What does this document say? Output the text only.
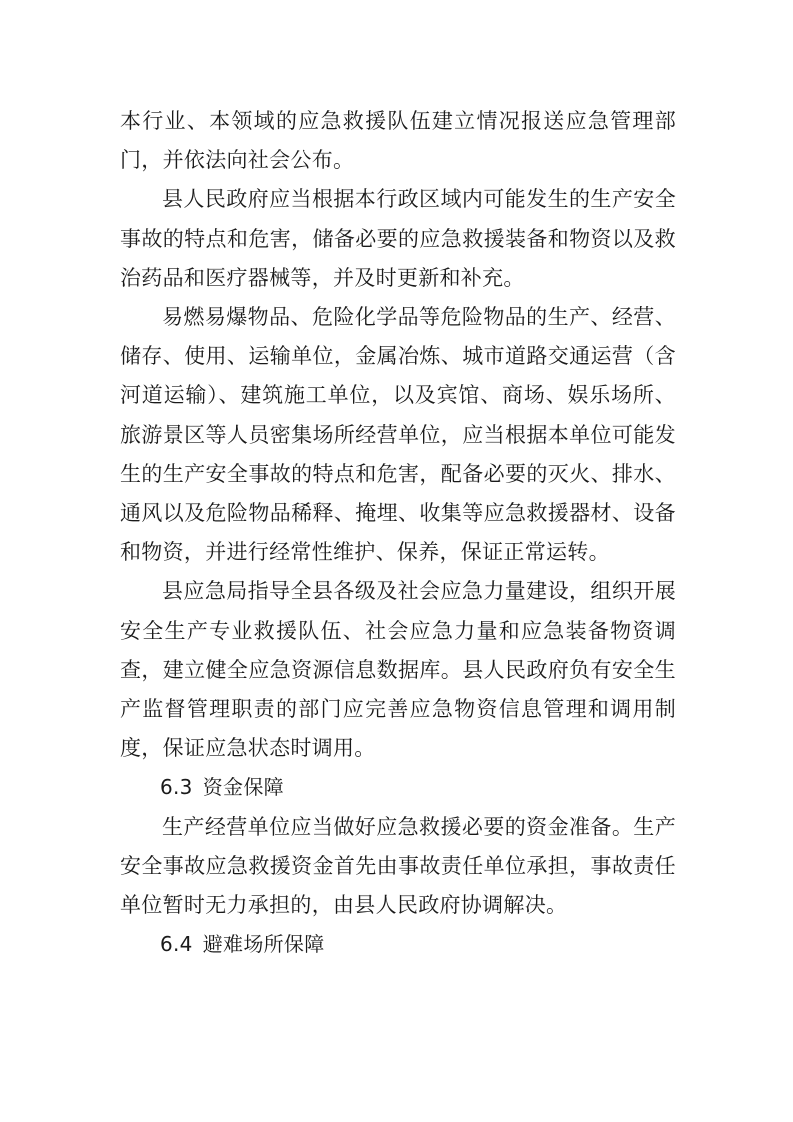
本行业、本领域的应急救援队伍建立情况报送应急管理部门，并依法向社会公布。

县人民政府应当根据本行政区域内可能发生的生产安全事故的特点和危害，储备必要的应急救援装备和物资以及救治药品和医疗器械等，并及时更新和补充。

易燃易爆物品、危险化学品等危险物品的生产、经营、储存、使用、运输单位，金属冶炼、城市道路交通运营（含河道运输）、建筑施工单位，以及宾馆、商场、娱乐场所、旅游景区等人员密集场所经营单位，应当根据本单位可能发生的生产安全事故的特点和危害，配备必要的灭火、排水、通风以及危险物品稀释、掩埋、收集等应急救援器材、设备和物资，并进行经常性维护、保养，保证正常运转。

县应急局指导全县各级及社会应急力量建设，组织开展安全生产专业救援队伍、社会应急力量和应急装备物资调查，建立健全应急资源信息数据库。县人民政府负有安全生产监督管理职责的部门应完善应急物资信息管理和调用制度，保证应急状态时调用。

6.3 资金保障

生产经营单位应当做好应急救援必要的资金准备。生产安全事故应急救援资金首先由事故责任单位承担，事故责任单位暂时无力承担的，由县人民政府协调解决。

6.4 避难场所保障
